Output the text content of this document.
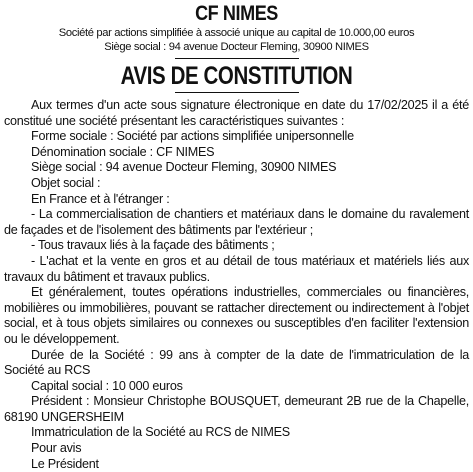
CF NIMES
Société par actions simplifiée à associé unique au capital de 10.000,00 euros
Siège social : 94 avenue Docteur Fleming, 30900 NIMES
AVIS DE CONSTITUTION

Aux termes d'un acte sous signature électronique en date du 17/02/2025 il a été constitué une société présentant les caractéristiques suivantes :

Forme sociale : Société par actions simplifiée unipersonnelle

Dénomination sociale : CF NIMES

Siège social : 94 avenue Docteur Fleming, 30900 NIMES

Objet social :

En France et à l'étranger :

- La commercialisation de chantiers et matériaux dans le domaine du ravalement de façades et de l'isolement des bâtiments par l'extérieur ;

- Tous travaux liés à la façade des bâtiments ;

- L'achat et la vente en gros et au détail de tous matériaux et matériels liés aux travaux du bâtiment et travaux publics.

Et généralement, toutes opérations industrielles, commerciales ou financières, mobilières ou immobilières, pouvant se rattacher directement ou indirectement à l'objet social, et à tous objets similaires ou connexes ou susceptibles d'en faciliter l'extension ou le développement.

Durée de la Société : 99 ans à compter de la date de l'immatriculation de la Société au RCS

Capital social : 10 000 euros

Président : Monsieur Christophe BOUSQUET, demeurant 2B rue de la Chapelle, 68190 UNGERSHEIM

Immatriculation de la Société au RCS de NIMES

Pour avis

Le Président
